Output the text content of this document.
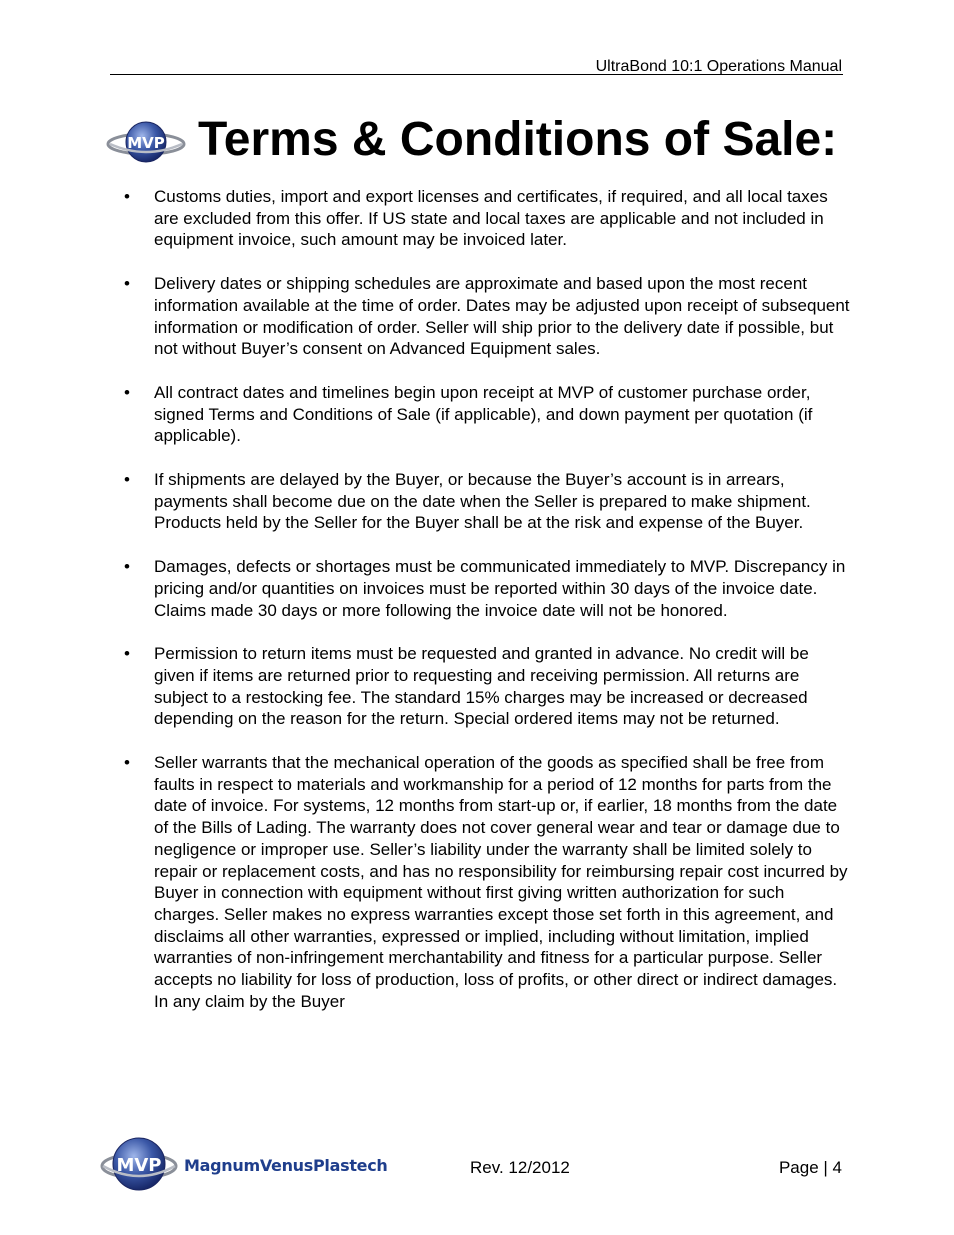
UltraBond 10:1 Operations Manual
MVP Terms & Conditions of Sale:
• Customs duties, import and export licenses and certificates, if required, and all local taxes are excluded from this offer. If US state and local taxes are applicable and not included in equipment invoice, such amount may be invoiced later.
• Delivery dates or shipping schedules are approximate and based upon the most recent information available at the time of order. Dates may be adjusted upon receipt of subsequent information or modification of order. Seller will ship prior to the delivery date if possible, but not without Buyer’s consent on Advanced Equipment sales.
• All contract dates and timelines begin upon receipt at MVP of customer purchase order, signed Terms and Conditions of Sale (if applicable), and down payment per quotation (if applicable).
• If shipments are delayed by the Buyer, or because the Buyer’s account is in arrears, payments shall become due on the date when the Seller is prepared to make shipment. Products held by the Seller for the Buyer shall be at the risk and expense of the Buyer.
• Damages, defects or shortages must be communicated immediately to MVP. Discrepancy in pricing and/or quantities on invoices must be reported within 30 days of the invoice date. Claims made 30 days or more following the invoice date will not be honored.
• Permission to return items must be requested and granted in advance. No credit will be given if items are returned prior to requesting and receiving permission. All returns are subject to a restocking fee. The standard 15% charges may be increased or decreased depending on the reason for the return. Special ordered items may not be returned.
• Seller warrants that the mechanical operation of the goods as specified shall be free from faults in respect to materials and workmanship for a period of 12 months for parts from the date of invoice. For systems, 12 months from start-up or, if earlier, 18 months from the date of the Bills of Lading. The warranty does not cover general wear and tear or damage due to negligence or improper use. Seller’s liability under the warranty shall be limited solely to repair or replacement costs, and has no responsibility for reimbursing repair cost incurred by Buyer in connection with equipment without first giving written authorization for such charges. Seller makes no express warranties except those set forth in this agreement, and disclaims all other warranties, expressed or implied, including without limitation, implied warranties of non-infringement merchantability and fitness for a particular purpose. Seller accepts no liability for loss of production, loss of profits, or other direct or indirect damages. In any claim by the Buyer
MVP MagnumVenusPlastech	Rev. 12/2012	Page | 4
